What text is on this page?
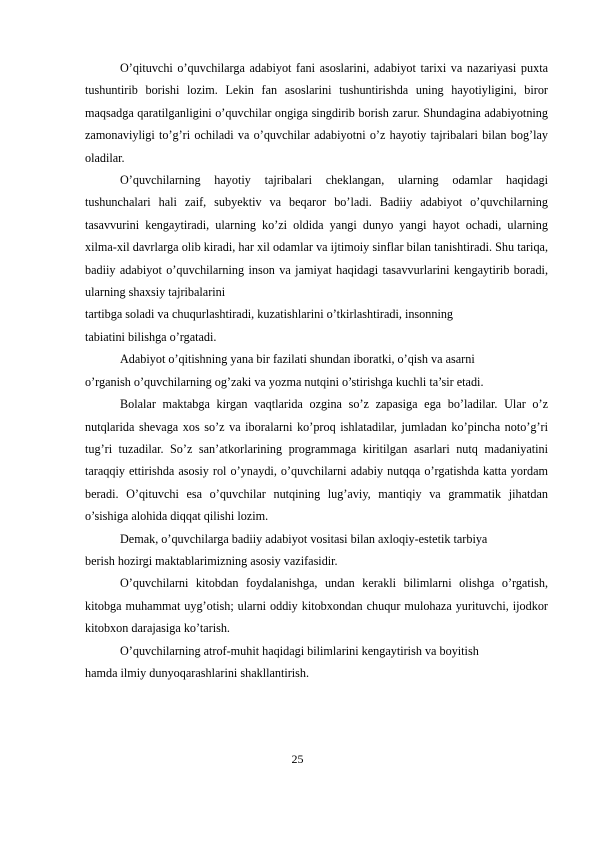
O’qituvchi o’quvchilarga adabiyot fani asoslarini, adabiyot tarixi va nazariyasi puxta tushuntirib borishi lozim. Lekin fan asoslarini tushuntirishda uning hayotiyligini, biror maqsadga qaratilganligini o’quvchilar ongiga singdirib borish zarur. Shundagina adabiyotning zamonaviyligi to’g’ri ochiladi va o’quvchilar adabiyotni o’z hayotiy tajribalari bilan bog’lay oladilar.

O’quvchilarning hayotiy tajribalari cheklangan, ularning odamlar haqidagi tushunchalari hali zaif, subyektiv va beqaror bo’ladi. Badiiy adabiyot o’quvchilarning tasavvurini kengaytiradi, ularning ko’zi oldida yangi dunyo yangi hayot ochadi, ularning xilma-xil davrlarga olib kiradi, har xil odamlar va ijtimoiy sinflar bilan tanishtiradi. Shu tariqa, badiiy adabiyot o’quvchilarning inson va jamiyat haqidagi tasavvurlarini kengaytirib boradi, ularning shaxsiy tajribalarini

tartibga soladi va chuqurlashtiradi, kuzatishlarini o’tkirlashtiradi, insonning
tabiatini bilishga o’rgatadi.

Adabiyot o’qitishning yana bir fazilati shundan iboratki, o’qish va asarni
o’rganish o’quvchilarning og’zaki va yozma nutqini o’stirishga kuchli ta’sir etadi.

Bolalar maktabga kirgan vaqtlarida ozgina so’z zapasiga ega bo’ladilar. Ular o’z nutqlarida shevaga xos so’z va iboralarni ko’proq ishlatadilar, jumladan ko’pincha noto’g’ri tug’ri tuzadilar. So’z san’atkorlarining programmaga kiritilgan asarlari nutq madaniyatini taraqqiy ettirishda asosiy rol o’ynaydi, o’quvchilarni adabiy nutqqa o’rgatishda katta yordam beradi. O’qituvchi esa o’quvchilar nutqining lug’aviy, mantiqiy va grammatik jihatdan o’sishiga alohida diqqat qilishi lozim.

Demak, o’quvchilarga badiiy adabiyot vositasi bilan axloqiy-estetik tarbiya
berish hozirgi maktablarimizning asosiy vazifasidir.

O’quvchilarni kitobdan foydalanishga, undan kerakli bilimlarni olishga o’rgatish, kitobga muhammat uyg’otish; ularni oddiy kitobxondan chuqur mulohaza yurituvchi, ijodkor kitobxon darajasiga ko’tarish.

O’quvchilarning atrof-muhit haqidagi bilimlarini kengaytirish va boyitish
hamda ilmiy dunyoqarashlarini shakllantirish.

25
